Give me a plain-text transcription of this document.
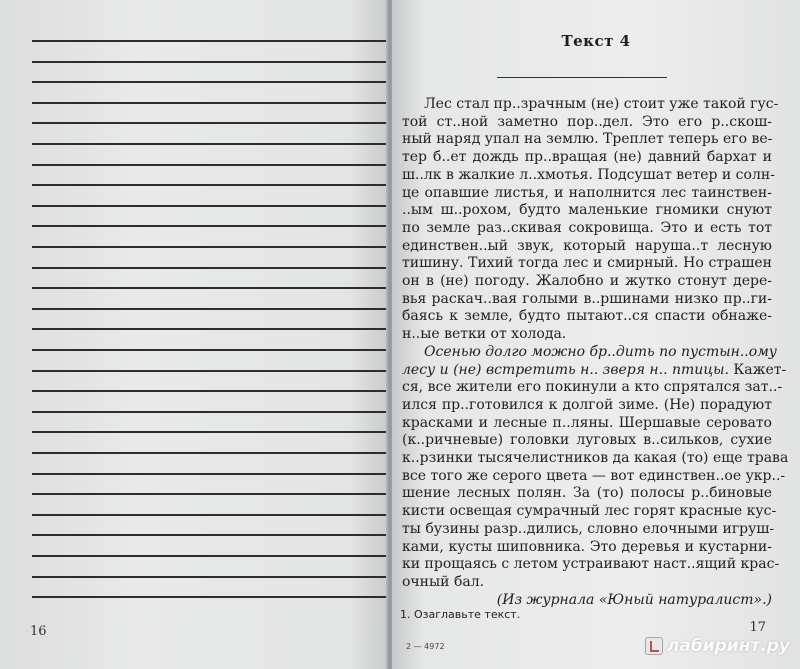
16
Текст 4
Лес стал пр..зрачным (не) стоит уже такой гус-
той ст..ной заметно пор..дел. Это его р..скош-
ный наряд упал на землю. Треплет теперь его ве-
тер б..ет дождь пр..вращая (не) давний бархат и
ш..лк в жалкие л..хмотья. Подсушат ветер и солн-
це опавшие листья, и наполнится лес таинствен-
..ым ш..рохом, будто маленькие гномики снуют
по земле раз..скивая сокровища. Это и есть тот
единствен..ый звук, который наруша..т лесную
тишину. Тихий тогда лес и смирный. Но страшен
он в (не) погоду. Жалобно и жутко стонут дере-
вья раскач..вая голыми в..ршинами низко пр..ги-
баясь к земле, будто пытают..ся спасти обнаже-
н..ые ветки от холода.
Осенью долго можно бр..дить по пустын..ому
лесу и (не) встретить н.. зверя н.. птицы. Кажет-
ся, все жители его покинули а кто спрятался зат..-
ился пр..готовился к долгой зиме. (Не) порадуют
красками и лесные п..ляны. Шершавые серовато
(к..ричневые) головки луговых в..сильков, сухие
к..рзинки тысячелистников да какая (то) еще трава
все того же серого цвета — вот единствен..ое укр..-
шение лесных полян. За (то) полосы р..биновые
кисти освещая сумрачный лес горят красные кус-
ты бузины разр..дились, словно елочными игруш-
ками, кусты шиповника. Это деревья и кустарни-
ки прощаясь с летом устраивают наст..ящий крас-
очный бал.
(Из журнала «Юный натуралист».)
1. Озаглавьте текст.
2 — 4972
17
лабиринт.ру
